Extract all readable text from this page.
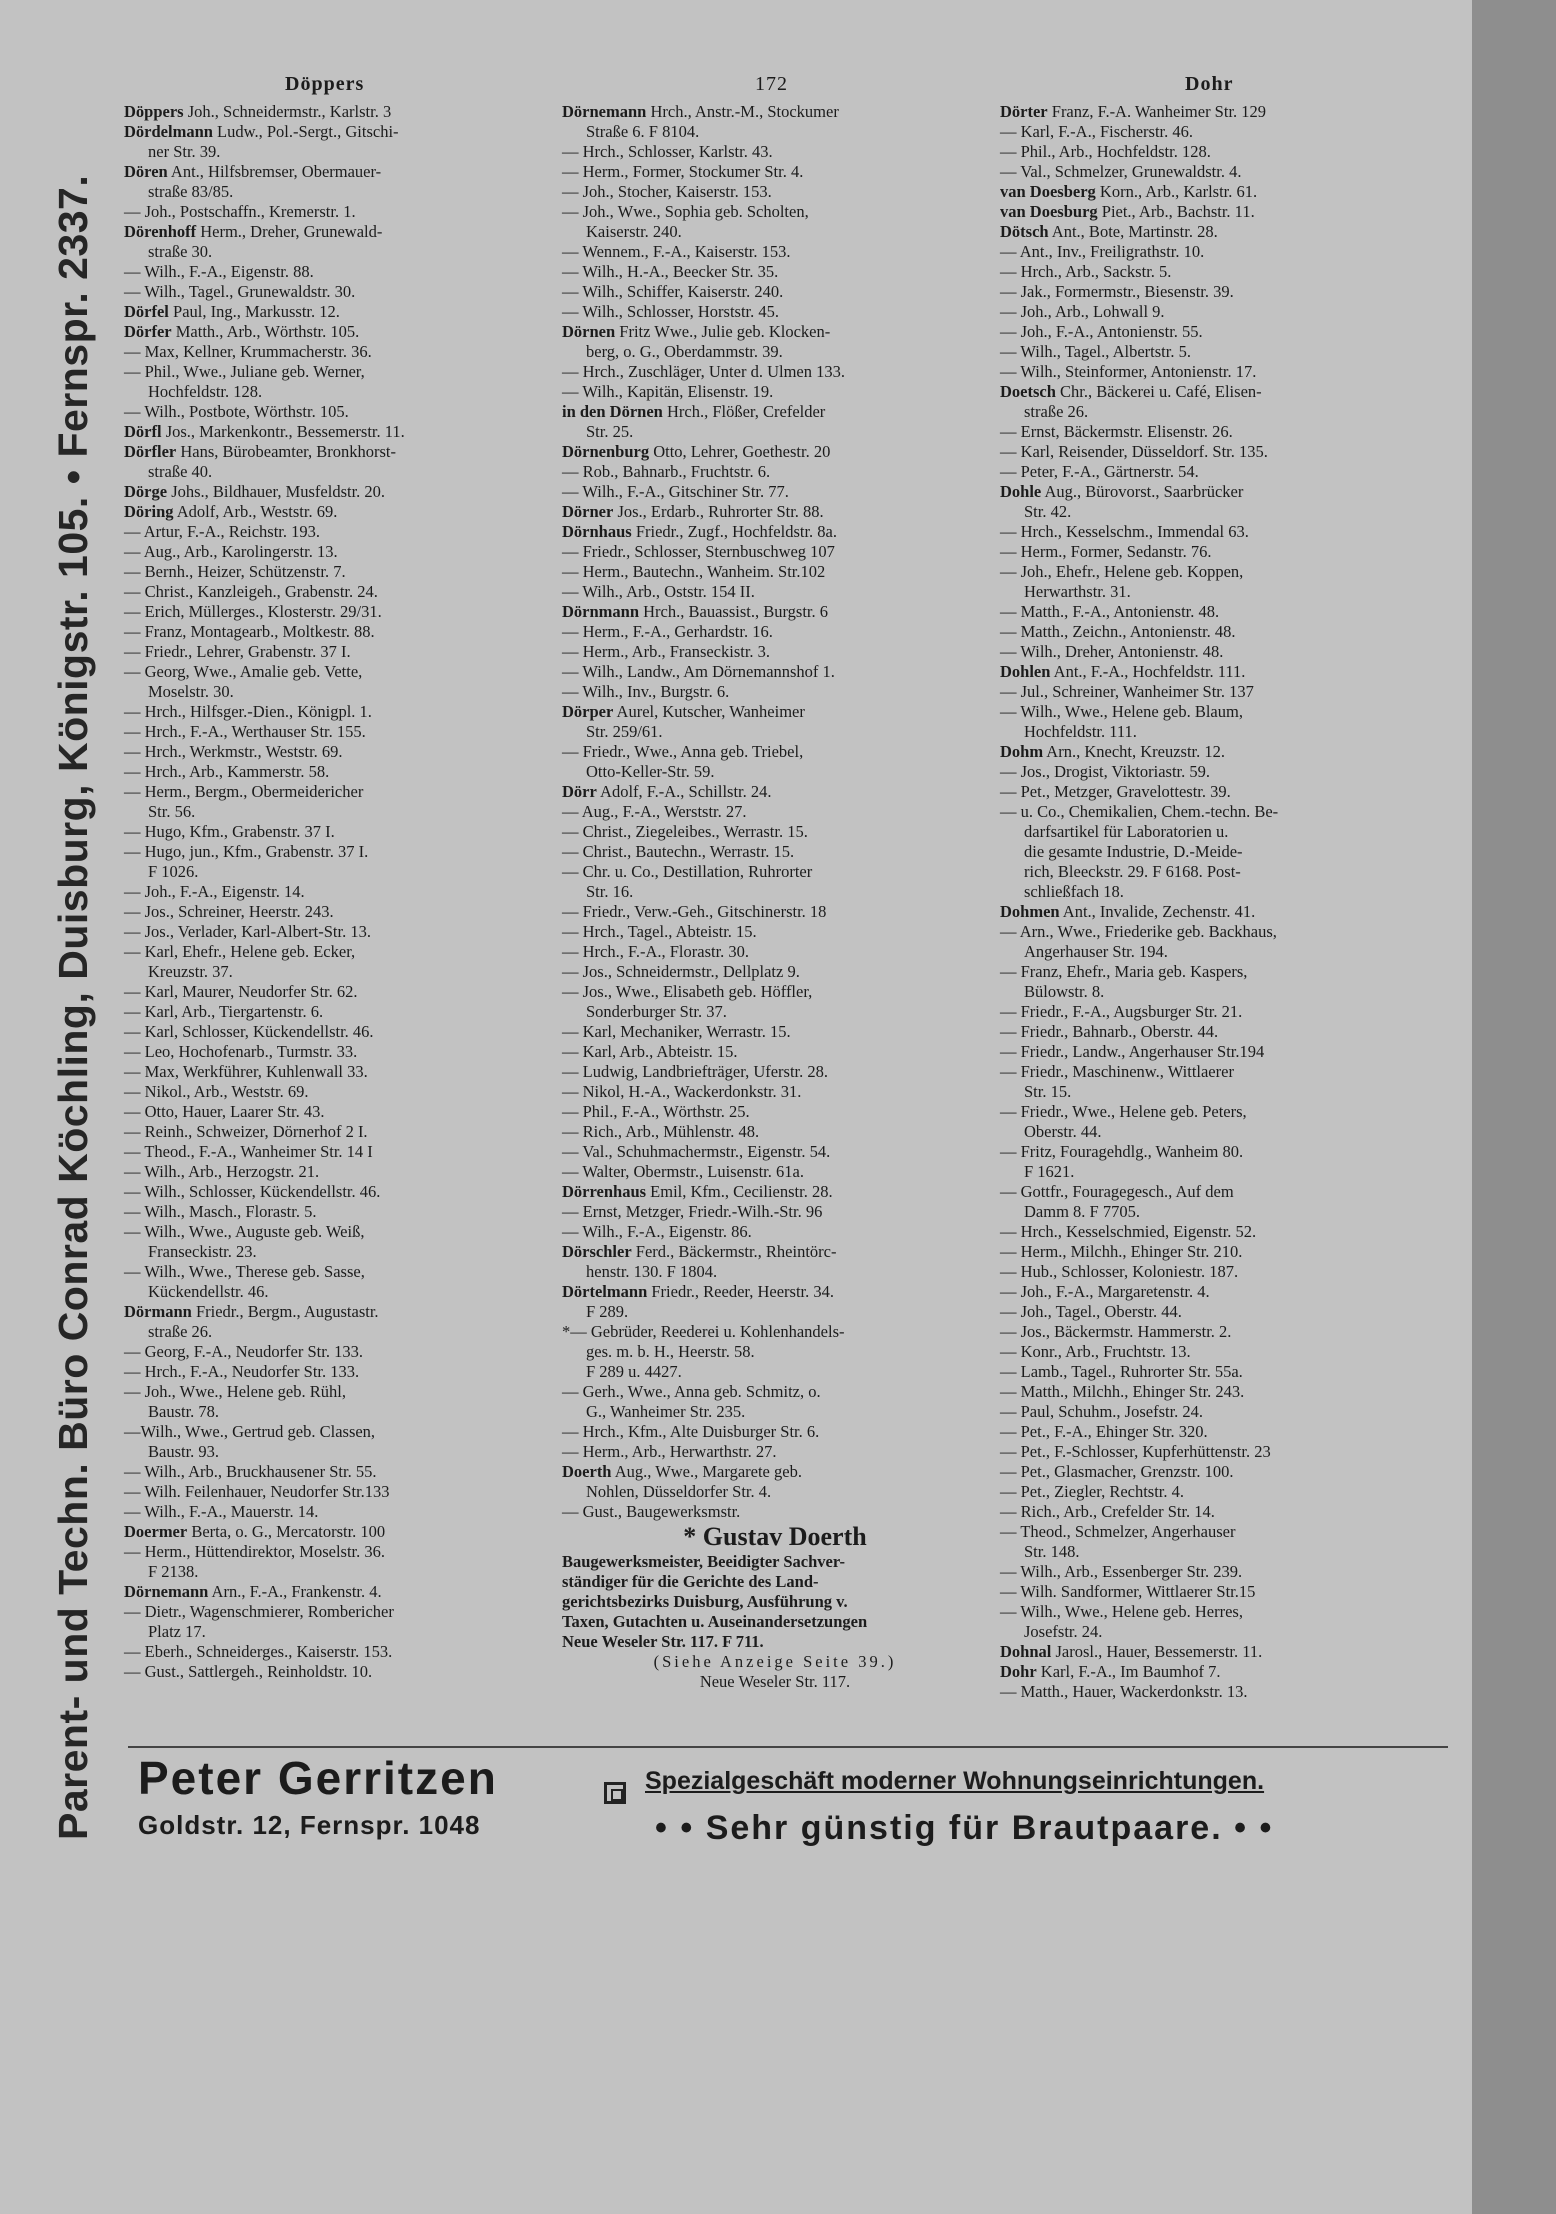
Parent- und Techn. Büro Conrad Köchling, Duisburg, Königstr. 105. • Fernspr. 2337.
Döppers	172	Dohr
Döppers Joh., Schneidermstr., Karlstr. 3
Dördelmann Ludw., Pol.-Sergt., Gitschi-
ner Str. 39.
Dören Ant., Hilfsbremser, Obermauer-
straße 83/85.
— Joh., Postschaffn., Kremerstr. 1.
Dörenhoff Herm., Dreher, Grunewald-
straße 30.
— Wilh., F.-A., Eigenstr. 88.
— Wilh., Tagel., Grunewaldstr. 30.
Dörfel Paul, Ing., Markusstr. 12.
Dörfer Matth., Arb., Wörthstr. 105.
— Max, Kellner, Krummacherstr. 36.
— Phil., Wwe., Juliane geb. Werner,
Hochfeldstr. 128.
— Wilh., Postbote, Wörthstr. 105.
Dörfl Jos., Markenkontr., Bessemerstr. 11.
Dörfler Hans, Bürobeamter, Bronkhorst-
straße 40.
Dörge Johs., Bildhauer, Musfeldstr. 20.
Döring Adolf, Arb., Weststr. 69.
— Artur, F.-A., Reichstr. 193.
— Aug., Arb., Karolingerstr. 13.
— Bernh., Heizer, Schützenstr. 7.
— Christ., Kanzleigeh., Grabenstr. 24.
— Erich, Müllerges., Klosterstr. 29/31.
— Franz, Montagearb., Moltkestr. 88.
— Friedr., Lehrer, Grabenstr. 37 I.
— Georg, Wwe., Amalie geb. Vette,
Moselstr. 30.
— Hrch., Hilfsger.-Dien., Königpl. 1.
— Hrch., F.-A., Werthauser Str. 155.
— Hrch., Werkmstr., Weststr. 69.
— Hrch., Arb., Kammerstr. 58.
— Herm., Bergm., Obermeidericher
Str. 56.
— Hugo, Kfm., Grabenstr. 37 I.
— Hugo, jun., Kfm., Grabenstr. 37 I.
F 1026.
— Joh., F.-A., Eigenstr. 14.
— Jos., Schreiner, Heerstr. 243.
— Jos., Verlader, Karl-Albert-Str. 13.
— Karl, Ehefr., Helene geb. Ecker,
Kreuzstr. 37.
— Karl, Maurer, Neudorfer Str. 62.
— Karl, Arb., Tiergartenstr. 6.
— Karl, Schlosser, Kückendellstr. 46.
— Leo, Hochofenarb., Turmstr. 33.
— Max, Werkführer, Kuhlenwall 33.
— Nikol., Arb., Weststr. 69.
— Otto, Hauer, Laarer Str. 43.
— Reinh., Schweizer, Dörnerhof 2 I.
— Theod., F.-A., Wanheimer Str. 14 I
— Wilh., Arb., Herzogstr. 21.
— Wilh., Schlosser, Kückendellstr. 46.
— Wilh., Masch., Florastr. 5.
— Wilh., Wwe., Auguste geb. Weiß,
Franseckistr. 23.
— Wilh., Wwe., Therese geb. Sasse,
Kückendellstr. 46.
Dörmann Friedr., Bergm., Augustastr.
straße 26.
— Georg, F.-A., Neudorfer Str. 133.
— Hrch., F.-A., Neudorfer Str. 133.
— Joh., Wwe., Helene geb. Rühl,
Baustr. 78.
—Wilh., Wwe., Gertrud geb. Classen,
Baustr. 93.
— Wilh., Arb., Bruckhausener Str. 55.
— Wilh. Feilenhauer, Neudorfer Str.133
— Wilh., F.-A., Mauerstr. 14.
Doermer Berta, o. G., Mercatorstr. 100
— Herm., Hüttendirektor, Moselstr. 36.
F 2138.
Dörnemann Arn., F.-A., Frankenstr. 4.
— Dietr., Wagenschmierer, Rombericher
Platz 17.
— Eberh., Schneiderges., Kaiserstr. 153.
— Gust., Sattlergeh., Reinholdstr. 10.
Dörnemann Hrch., Anstr.-M., Stockumer
Straße 6. F 8104.
— Hrch., Schlosser, Karlstr. 43.
— Herm., Former, Stockumer Str. 4.
— Joh., Stocher, Kaiserstr. 153.
— Joh., Wwe., Sophia geb. Scholten,
Kaiserstr. 240.
— Wennem., F.-A., Kaiserstr. 153.
— Wilh., H.-A., Beecker Str. 35.
— Wilh., Schiffer, Kaiserstr. 240.
— Wilh., Schlosser, Horststr. 45.
Dörnen Fritz Wwe., Julie geb. Klocken-
berg, o. G., Oberdammstr. 39.
— Hrch., Zuschläger, Unter d. Ulmen 133.
— Wilh., Kapitän, Elisenstr. 19.
in den Dörnen Hrch., Flößer, Crefelder
Str. 25.
Dörnenburg Otto, Lehrer, Goethestr. 20
— Rob., Bahnarb., Fruchtstr. 6.
— Wilh., F.-A., Gitschiner Str. 77.
Dörner Jos., Erdarb., Ruhrorter Str. 88.
Dörnhaus Friedr., Zugf., Hochfeldstr. 8a.
— Friedr., Schlosser, Sternbuschweg 107
— Herm., Bautechn., Wanheim. Str.102
— Wilh., Arb., Oststr. 154 II.
Dörnmann Hrch., Bauassist., Burgstr. 6
— Herm., F.-A., Gerhardstr. 16.
— Herm., Arb., Franseckistr. 3.
— Wilh., Landw., Am Dörnemannshof 1.
— Wilh., Inv., Burgstr. 6.
Dörper Aurel, Kutscher, Wanheimer
Str. 259/61.
— Friedr., Wwe., Anna geb. Triebel,
Otto-Keller-Str. 59.
Dörr Adolf, F.-A., Schillstr. 24.
— Aug., F.-A., Werststr. 27.
— Christ., Ziegeleibes., Werrastr. 15.
— Christ., Bautechn., Werrastr. 15.
— Chr. u. Co., Destillation, Ruhrorter
Str. 16.
— Friedr., Verw.-Geh., Gitschinerstr. 18
— Hrch., Tagel., Abteistr. 15.
— Hrch., F.-A., Florastr. 30.
— Jos., Schneidermstr., Dellplatz 9.
— Jos., Wwe., Elisabeth geb. Höffler,
Sonderburger Str. 37.
— Karl, Mechaniker, Werrastr. 15.
— Karl, Arb., Abteistr. 15.
— Ludwig, Landbriefträger, Uferstr. 28.
— Nikol, H.-A., Wackerdonkstr. 31.
— Phil., F.-A., Wörthstr. 25.
— Rich., Arb., Mühlenstr. 48.
— Val., Schuhmachermstr., Eigenstr. 54.
— Walter, Obermstr., Luisenstr. 61a.
Dörrenhaus Emil, Kfm., Cecilienstr. 28.
— Ernst, Metzger, Friedr.-Wilh.-Str. 96
— Wilh., F.-A., Eigenstr. 86.
Dörschler Ferd., Bäckermstr., Rheintörc-
henstr. 130. F 1804.
Dörtelmann Friedr., Reeder, Heerstr. 34.
F 289.
*— Gebrüder, Reederei u. Kohlenhandels-
ges. m. b. H., Heerstr. 58.
F 289 u. 4427.
— Gerh., Wwe., Anna geb. Schmitz, o.
G., Wanheimer Str. 235.
— Hrch., Kfm., Alte Duisburger Str. 6.
— Herm., Arb., Herwarthstr. 27.
Doerth Aug., Wwe., Margarete geb.
Nohlen, Düsseldorfer Str. 4.
— Gust., Baugewerksmstr.
* Gustav Doerth
Baugewerksmeister, Beeidigter Sachver-
ständiger für die Gerichte des Land-
gerichtsbezirks Duisburg, Ausführung v.
Taxen, Gutachten u. Auseinandersetzungen
Neue Weseler Str. 117. F 711.
(Siehe Anzeige Seite 39.)
Neue Weseler Str. 117.
Dörter Franz, F.-A. Wanheimer Str. 129
— Karl, F.-A., Fischerstr. 46.
— Phil., Arb., Hochfeldstr. 128.
— Val., Schmelzer, Grunewaldstr. 4.
van Doesberg Korn., Arb., Karlstr. 61.
van Doesburg Piet., Arb., Bachstr. 11.
Dötsch Ant., Bote, Martinstr. 28.
— Ant., Inv., Freiligrathstr. 10.
— Hrch., Arb., Sackstr. 5.
— Jak., Formermstr., Biesenstr. 39.
— Joh., Arb., Lohwall 9.
— Joh., F.-A., Antonienstr. 55.
— Wilh., Tagel., Albertstr. 5.
— Wilh., Steinformer, Antonienstr. 17.
Doetsch Chr., Bäckerei u. Café, Elisen-
straße 26.
— Ernst, Bäckermstr. Elisenstr. 26.
— Karl, Reisender, Düsseldorf. Str. 135.
— Peter, F.-A., Gärtnerstr. 54.
Dohle Aug., Bürovorst., Saarbrücker
Str. 42.
— Hrch., Kesselschm., Immendal 63.
— Herm., Former, Sedanstr. 76.
— Joh., Ehefr., Helene geb. Koppen,
Herwarthstr. 31.
— Matth., F.-A., Antonienstr. 48.
— Matth., Zeichn., Antonienstr. 48.
— Wilh., Dreher, Antonienstr. 48.
Dohlen Ant., F.-A., Hochfeldstr. 111.
— Jul., Schreiner, Wanheimer Str. 137
— Wilh., Wwe., Helene geb. Blaum,
Hochfeldstr. 111.
Dohm Arn., Knecht, Kreuzstr. 12.
— Jos., Drogist, Viktoriastr. 59.
— Pet., Metzger, Gravelottestr. 39.
— u. Co., Chemikalien, Chem.-techn. Be-
darfsartikel für Laboratorien u.
die gesamte Industrie, D.-Meide-
rich, Bleeckstr. 29. F 6168. Post-
schließfach 18.
Dohmen Ant., Invalide, Zechenstr. 41.
— Arn., Wwe., Friederike geb. Backhaus,
Angerhauser Str. 194.
— Franz, Ehefr., Maria geb. Kaspers,
Bülowstr. 8.
— Friedr., F.-A., Augsburger Str. 21.
— Friedr., Bahnarb., Oberstr. 44.
— Friedr., Landw., Angerhauser Str.194
— Friedr., Maschinenw., Wittlaerer
Str. 15.
— Friedr., Wwe., Helene geb. Peters,
Oberstr. 44.
— Fritz, Fouragehdlg., Wanheim 80.
F 1621.
— Gottfr., Fouragegesch., Auf dem
Damm 8. F 7705.
— Hrch., Kesselschmied, Eigenstr. 52.
— Herm., Milchh., Ehinger Str. 210.
— Hub., Schlosser, Koloniestr. 187.
— Joh., F.-A., Margaretenstr. 4.
— Joh., Tagel., Oberstr. 44.
— Jos., Bäckermstr. Hammerstr. 2.
— Konr., Arb., Fruchtstr. 13.
— Lamb., Tagel., Ruhrorter Str. 55a.
— Matth., Milchh., Ehinger Str. 243.
— Paul, Schuhm., Josefstr. 24.
— Pet., F.-A., Ehinger Str. 320.
— Pet., F.-Schlosser, Kupferhüttenstr. 23
— Pet., Glasmacher, Grenzstr. 100.
— Pet., Ziegler, Rechtstr. 4.
— Rich., Arb., Crefelder Str. 14.
— Theod., Schmelzer, Angerhauser
Str. 148.
— Wilh., Arb., Essenberger Str. 239.
— Wilh. Sandformer, Wittlaerer Str.15
— Wilh., Wwe., Helene geb. Herres,
Josefstr. 24.
Dohnal Jarosl., Hauer, Bessemerstr. 11.
Dohr Karl, F.-A., Im Baumhof 7.
— Matth., Hauer, Wackerdonkstr. 13.
Peter Gerritzen
Goldstr. 12, Fernspr. 1048
Spezialgeschäft moderner Wohnungseinrichtungen.
• • Sehr günstig für Brautpaare. • •
